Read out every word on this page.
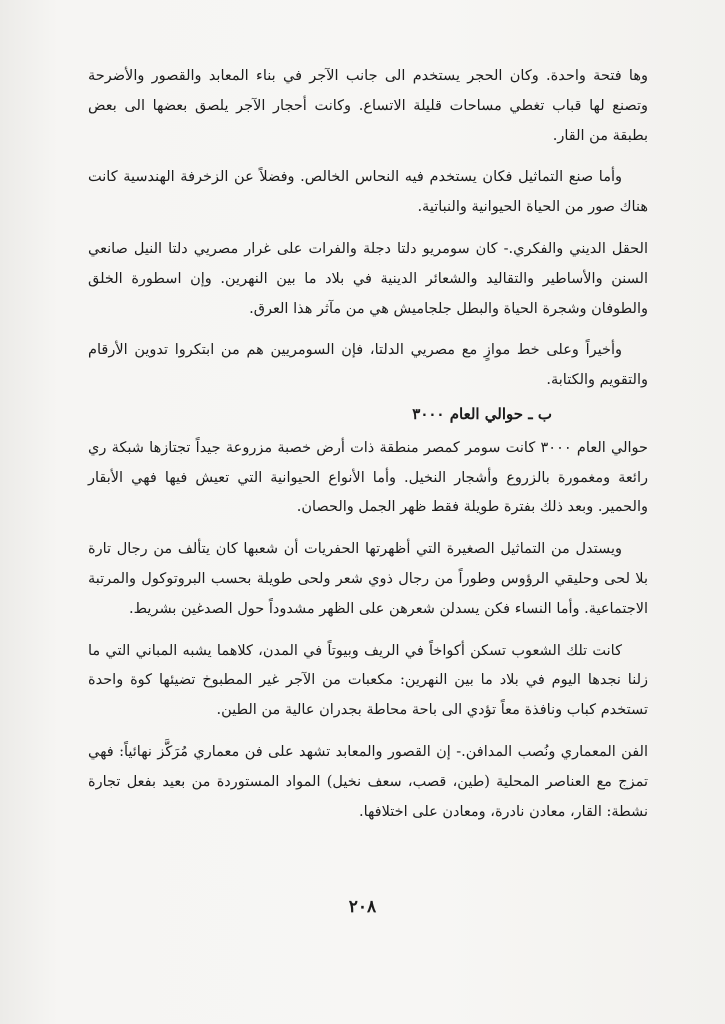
وها فتحة واحدة. وكان الحجر يستخدم الى جانب الآجر في بناء المعابد والقصور والأضرحة وتصنع لها قباب تغطي مساحات قليلة الاتساع. وكانت أحجار الآجر يلصق بعضها الى بعض بطبقة من القار.

وأما صنع التماثيل فكان يستخدم فيه النحاس الخالص. وفضلاً عن الزخرفة الهندسية كانت هناك صور من الحياة الحيوانية والنباتية.

الحقل الديني والفكري.- كان سومريو دلتا دجلة والفرات على غرار مصريي دلتا النيل صانعي السنن والأساطير والتقاليد والشعائر الدينية في بلاد ما بين النهرين. وإن اسطورة الخلق والطوفان وشجرة الحياة والبطل جلجاميش هي من مآثر هذا العرق.

وأخيراً وعلى خط موازٍ مع مصريي الدلتا، فإن السومريين هم من ابتكروا تدوين الأرقام والتقويم والكتابة.

ب ـ حوالي العام ٣٠٠٠

حوالي العام ٣٠٠٠ كانت سومر كمصر منطقة ذات أرض خصبة مزروعة جيداً تجتازها شبكة ري رائعة ومغمورة بالزروع وأشجار النخيل. وأما الأنواع الحيوانية التي تعيش فيها فهي الأبقار والحمير. وبعد ذلك بفترة طويلة فقط ظهر الجمل والحصان.

ويستدل من التماثيل الصغيرة التي أظهرتها الحفريات أن شعبها كان يتألف من رجال تارة بلا لحى وحليقي الرؤوس وطوراً من رجال ذوي شعر ولحى طويلة بحسب البروتوكول والمرتبة الاجتماعية. وأما النساء فكن يسدلن شعرهن على الظهر مشدوداً حول الصدغين بشريط.

كانت تلك الشعوب تسكن أكواخاً في الريف وبيوتاً في المدن، كلاهما يشبه المباني التي ما زلنا نجدها اليوم في بلاد ما بين النهرين: مكعبات من الآجر غير المطبوخ تضيئها كوة واحدة تستخدم كباب ونافذة معاً تؤدي الى باحة محاطة بجدران عالية من الطين.

الفن المعماري ونُصب المدافن.- إن القصور والمعابد تشهد على فن معماري مُرَكَّز نهائياً: فهي تمزج مع العناصر المحلية (طين، قصب، سعف نخيل) المواد المستوردة من بعيد بفعل تجارة نشطة: القار، معادن نادرة، ومعادن على اختلافها.

٢٠٨
